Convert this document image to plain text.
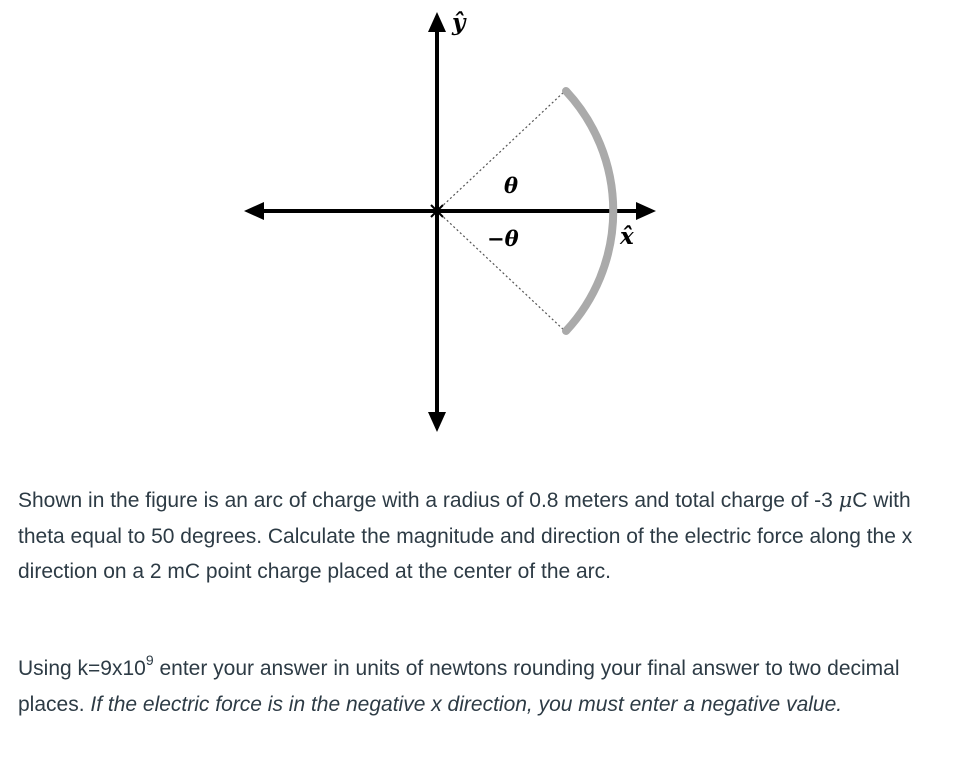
ŷ
x̂
θ
−θ

Shown in the figure is an arc of charge with a radius of 0.8 meters and total charge of -3 μC with theta equal to 50 degrees. Calculate the magnitude and direction of the electric force along the x direction on a 2 mC point charge placed at the center of the arc.

Using $k=9x10^9$ enter your answer in units of newtons rounding your final answer to two decimal places. If the electric force is in the negative x direction, you must enter a negative value.
